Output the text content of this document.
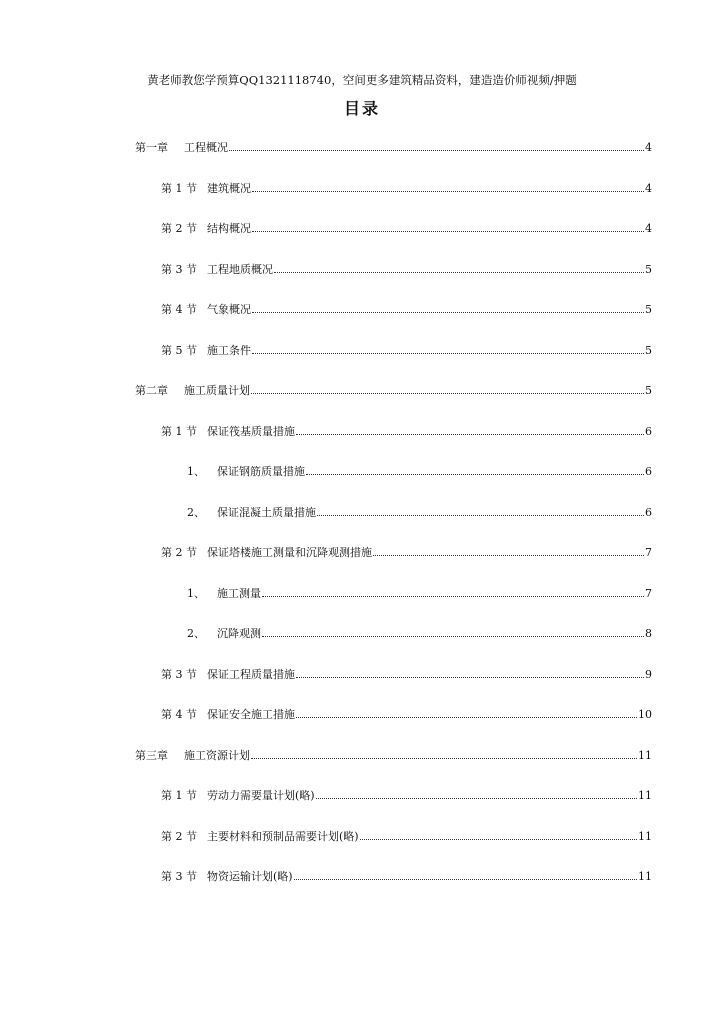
黄老师教您学预算QQ1321118740，空间更多建筑精品资料，建造造价师视频/押题
目录
第一章	工程概况	4
第 1 节 建筑概况	4
第 2 节 结构概况	4
第 3 节 工程地质概况	5
第 4 节 气象概况	5
第 5 节 施工条件	5
第二章	施工质量计划	5
第 1 节 保证筏基质量措施	6
1、	保证钢筋质量措施	6
2、	保证混凝土质量措施	6
第 2 节 保证塔楼施工测量和沉降观测措施	7
1、	施工测量	7
2、	沉降观测	8
第 3 节 保证工程质量措施	9
第 4 节 保证安全施工措施	10
第三章	施工资源计划	11
第 1 节 劳动力需要量计划(略)	11
第 2 节 主要材料和预制品需要计划(略)	11
第 3 节 物资运输计划(略)	11
